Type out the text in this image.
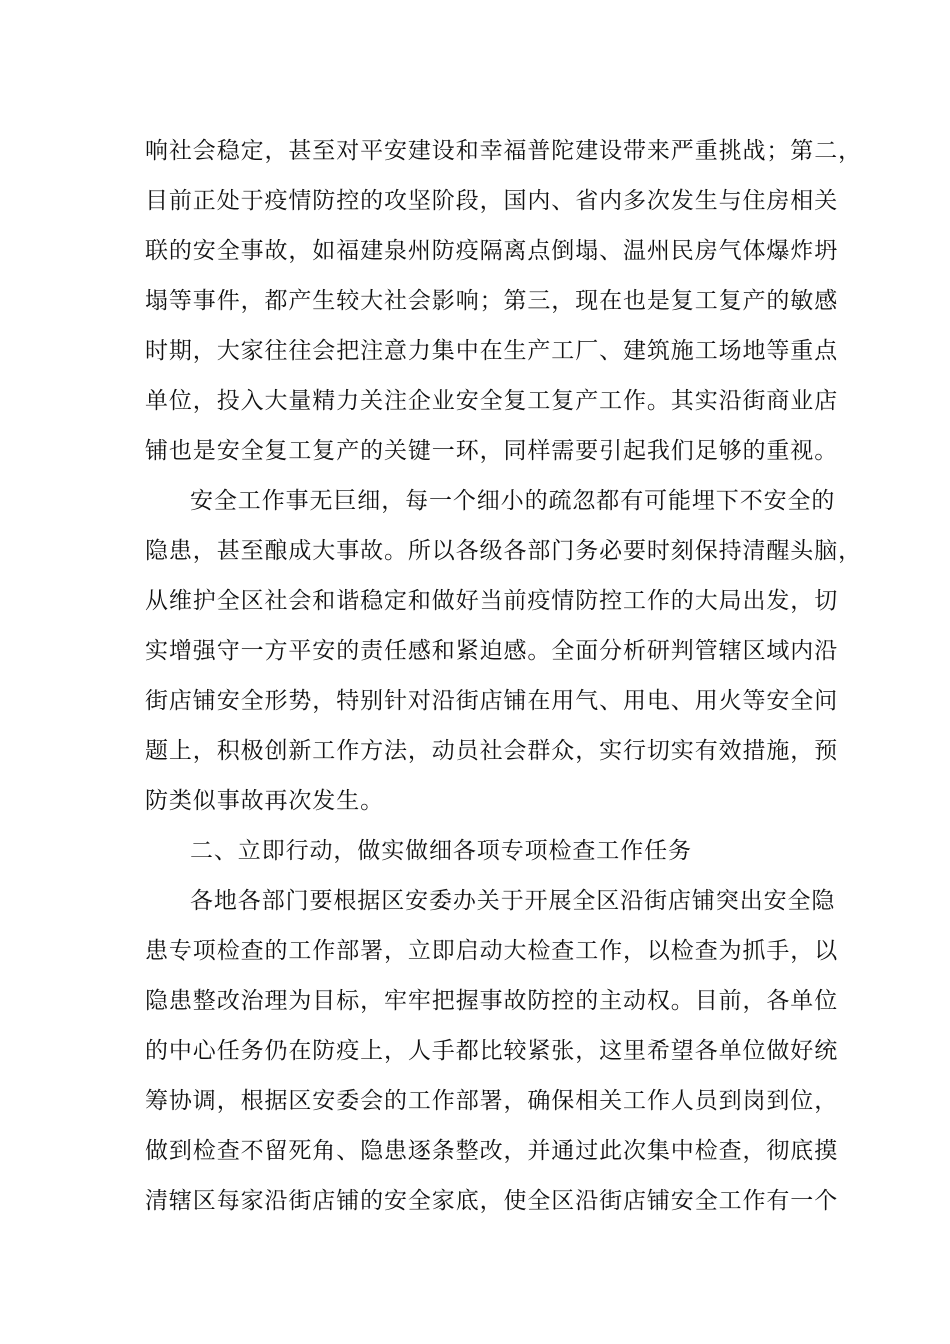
响社会稳定，甚至对平安建设和幸福普陀建设带来严重挑战；第二，
目前正处于疫情防控的攻坚阶段，国内、省内多次发生与住房相关
联的安全事故，如福建泉州防疫隔离点倒塌、温州民房气体爆炸坍
塌等事件，都产生较大社会影响；第三，现在也是复工复产的敏感
时期，大家往往会把注意力集中在生产工厂、建筑施工场地等重点
单位，投入大量精力关注企业安全复工复产工作。其实沿街商业店
铺也是安全复工复产的关键一环，同样需要引起我们足够的重视。
安全工作事无巨细，每一个细小的疏忽都有可能埋下不安全的
隐患，甚至酿成大事故。所以各级各部门务必要时刻保持清醒头脑，
从维护全区社会和谐稳定和做好当前疫情防控工作的大局出发，切
实增强守一方平安的责任感和紧迫感。全面分析研判管辖区域内沿
街店铺安全形势，特别针对沿街店铺在用气、用电、用火等安全问
题上，积极创新工作方法，动员社会群众，实行切实有效措施，预
防类似事故再次发生。
二、立即行动，做实做细各项专项检查工作任务
各地各部门要根据区安委办关于开展全区沿街店铺突出安全隐
患专项检查的工作部署，立即启动大检查工作，以检查为抓手，以
隐患整改治理为目标，牢牢把握事故防控的主动权。目前，各单位
的中心任务仍在防疫上，人手都比较紧张，这里希望各单位做好统
筹协调，根据区安委会的工作部署，确保相关工作人员到岗到位，
做到检查不留死角、隐患逐条整改，并通过此次集中检查，彻底摸
清辖区每家沿街店铺的安全家底，使全区沿街店铺安全工作有一个
